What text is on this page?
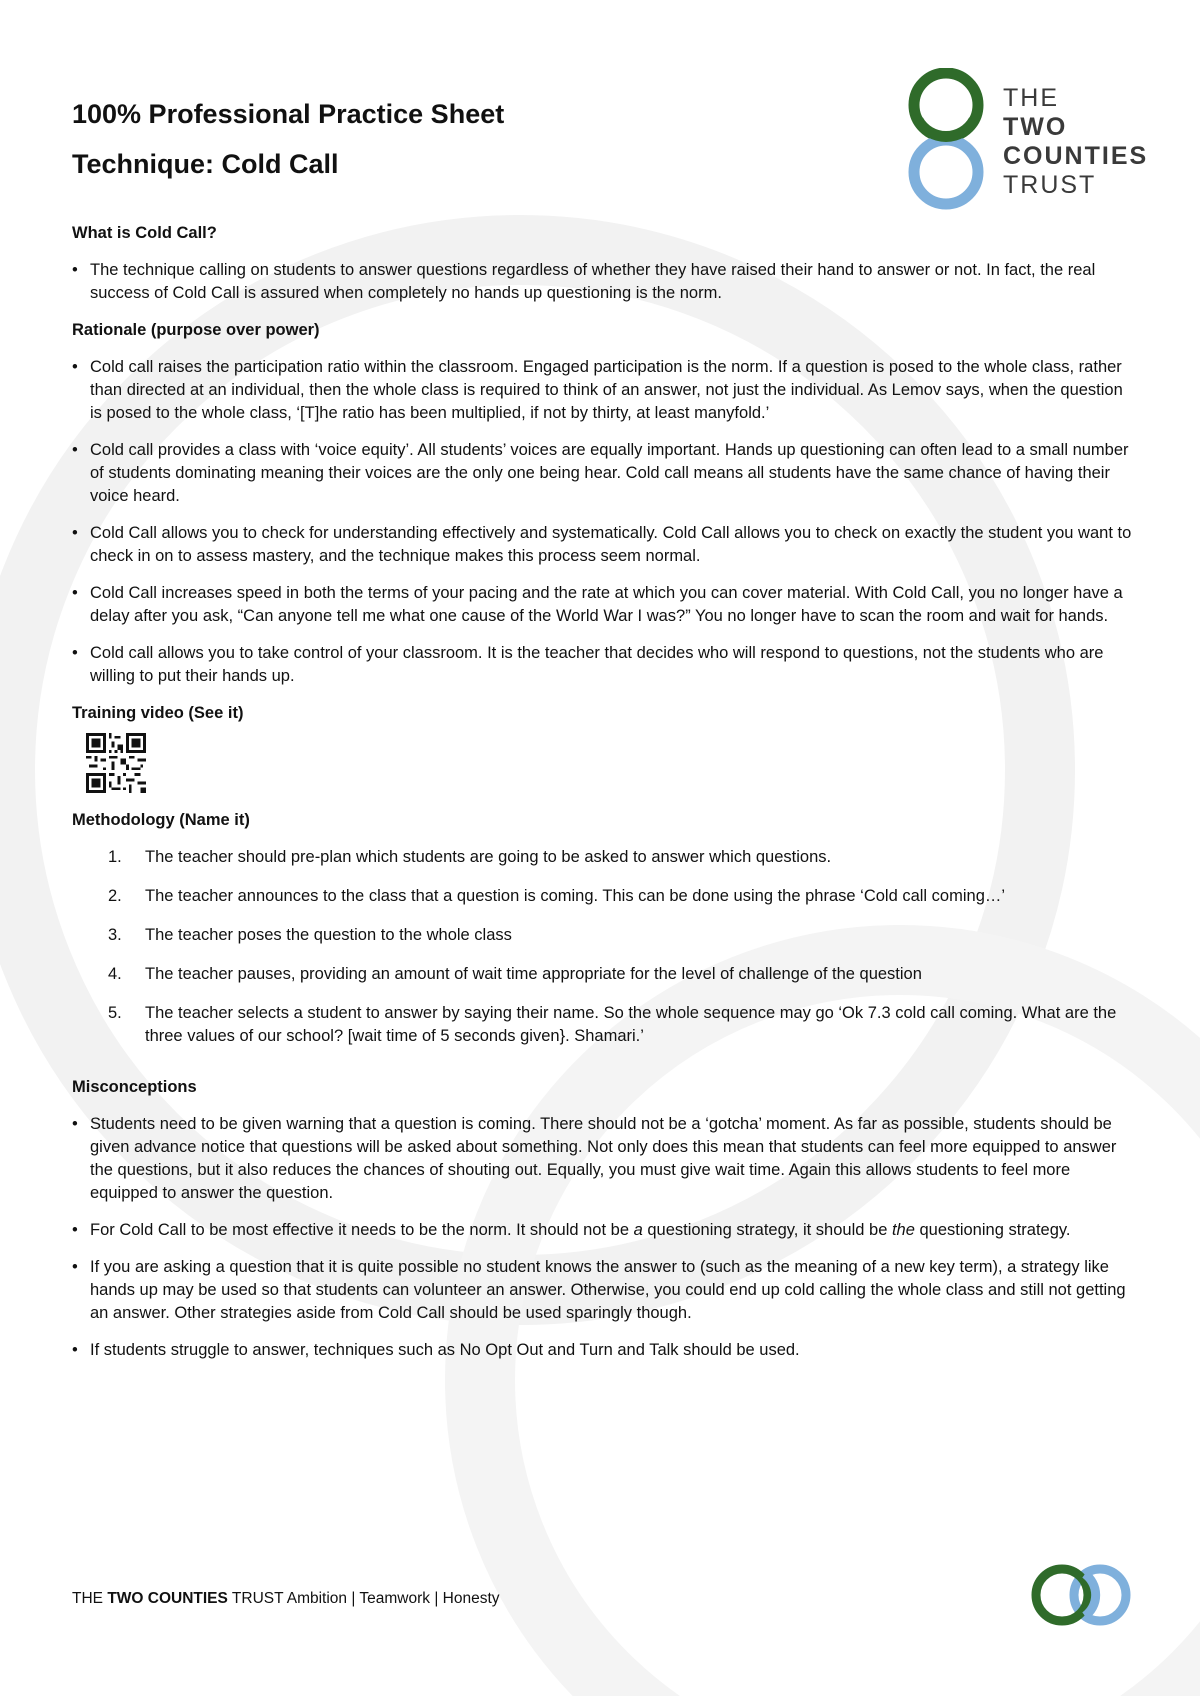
100% Professional Practice Sheet
Technique: Cold Call
What is Cold Call?
• The technique calling on students to answer questions regardless of whether they have raised their hand to answer or not. In fact, the real success of Cold Call is assured when completely no hands up questioning is the norm.
Rationale (purpose over power)
• Cold call raises the participation ratio within the classroom. Engaged participation is the norm. If a question is posed to the whole class, rather than directed at an individual, then the whole class is required to think of an answer, not just the individual. As Lemov says, when the question is posed to the whole class, ‘[T]he ratio has been multiplied, if not by thirty, at least manyfold.’
• Cold call provides a class with ‘voice equity’. All students’ voices are equally important. Hands up questioning can often lead to a small number of students dominating meaning their voices are the only one being hear. Cold call means all students have the same chance of having their voice heard.
• Cold Call allows you to check for understanding effectively and systematically. Cold Call allows you to check on exactly the student you want to check in on to assess mastery, and the technique makes this process seem normal.
• Cold Call increases speed in both the terms of your pacing and the rate at which you can cover material. With Cold Call, you no longer have a delay after you ask, “Can anyone tell me what one cause of the World War I was?” You no longer have to scan the room and wait for hands.
• Cold call allows you to take control of your classroom. It is the teacher that decides who will respond to questions, not the students who are willing to put their hands up.
Training video (See it)
Methodology (Name it)
1. The teacher should pre-plan which students are going to be asked to answer which questions.
2. The teacher announces to the class that a question is coming. This can be done using the phrase ‘Cold call coming…’
3. The teacher poses the question to the whole class
4. The teacher pauses, providing an amount of wait time appropriate for the level of challenge of the question
5. The teacher selects a student to answer by saying their name. So the whole sequence may go ‘Ok 7.3 cold call coming. What are the three values of our school? [wait time of 5 seconds given}. Shamari.’
Misconceptions
• Students need to be given warning that a question is coming. There should not be a ‘gotcha’ moment. As far as possible, students should be given advance notice that questions will be asked about something. Not only does this mean that students can feel more equipped to answer the questions, but it also reduces the chances of shouting out. Equally, you must give wait time. Again this allows students to feel more equipped to answer the question.
• For Cold Call to be most effective it needs to be the norm. It should not be a questioning strategy, it should be the questioning strategy.
• If you are asking a question that it is quite possible no student knows the answer to (such as the meaning of a new key term), a strategy like hands up may be used so that students can volunteer an answer. Otherwise, you could end up cold calling the whole class and still not getting an answer. Other strategies aside from Cold Call should be used sparingly though.
• If students struggle to answer, techniques such as No Opt Out and Turn and Talk should be used.
THE
TWO
COUNTIES
TRUST
THE TWO COUNTIES TRUST Ambition | Teamwork | Honesty
